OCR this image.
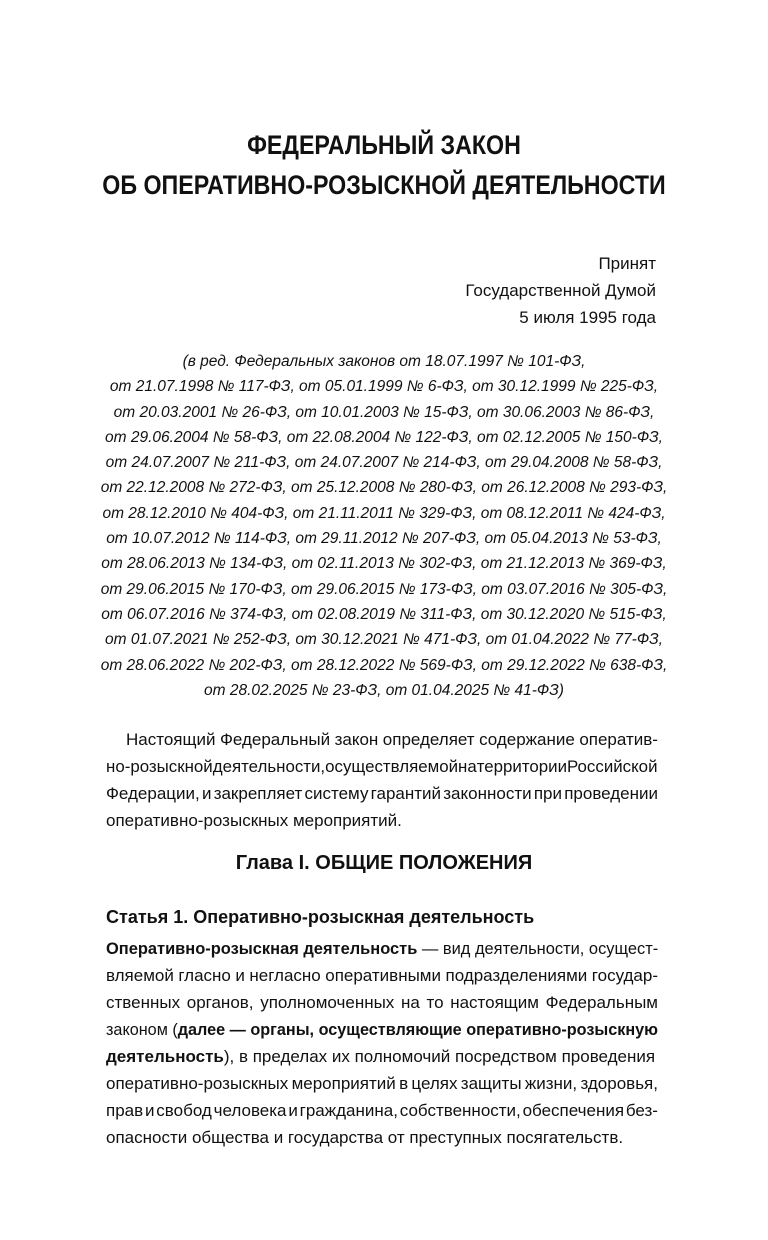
ФЕДЕРАЛЬНЫЙ ЗАКОН
ОБ ОПЕРАТИВНО-РОЗЫСКНОЙ ДЕЯТЕЛЬНОСТИ
Принят
Государственной Думой
5 июля 1995 года
(в ред. Федеральных законов от 18.07.1997 № 101-ФЗ,
от 21.07.1998 № 117-ФЗ, от 05.01.1999 № 6-ФЗ, от 30.12.1999 № 225-ФЗ,
от 20.03.2001 № 26-ФЗ, от 10.01.2003 № 15-ФЗ, от 30.06.2003 № 86-ФЗ,
от 29.06.2004 № 58-ФЗ, от 22.08.2004 № 122-ФЗ, от 02.12.2005 № 150-ФЗ,
от 24.07.2007 № 211-ФЗ, от 24.07.2007 № 214-ФЗ, от 29.04.2008 № 58-ФЗ,
от 22.12.2008 № 272-ФЗ, от 25.12.2008 № 280-ФЗ, от 26.12.2008 № 293-ФЗ,
от 28.12.2010 № 404-ФЗ, от 21.11.2011 № 329-ФЗ, от 08.12.2011 № 424-ФЗ,
от 10.07.2012 № 114-ФЗ, от 29.11.2012 № 207-ФЗ, от 05.04.2013 № 53-ФЗ,
от 28.06.2013 № 134-ФЗ, от 02.11.2013 № 302-ФЗ, от 21.12.2013 № 369-ФЗ,
от 29.06.2015 № 170-ФЗ, от 29.06.2015 № 173-ФЗ, от 03.07.2016 № 305-ФЗ,
от 06.07.2016 № 374-ФЗ, от 02.08.2019 № 311-ФЗ, от 30.12.2020 № 515-ФЗ,
от 01.07.2021 № 252-ФЗ, от 30.12.2021 № 471-ФЗ, от 01.04.2022 № 77-ФЗ,
от 28.06.2022 № 202-ФЗ, от 28.12.2022 № 569-ФЗ, от 29.12.2022 № 638-ФЗ,
от 28.02.2025 № 23-ФЗ, от 01.04.2025 № 41-ФЗ)
Настоящий Федеральный закон определяет содержание оператив-
но-розыскной деятельности, осуществляемой на территории Российской
Федерации, и закрепляет систему гарантий законности при проведении
оперативно-розыскных мероприятий.
Глава I. ОБЩИЕ ПОЛОЖЕНИЯ
Статья 1. Оперативно-розыскная деятельность
Оперативно-розыскная деятельность — вид деятельности, осущест-
вляемой гласно и негласно оперативными подразделениями государ-
ственных органов, уполномоченных на то настоящим Федеральным
законом ( далее — органы, осуществляющие оперативно-розыскную
деятельность ), в пределах их полномочий посредством проведения
оперативно-розыскных мероприятий в целях защиты жизни, здоровья,
прав и свобод человека и гражданина, собственности, обеспечения без-
опасности общества и государства от преступных посягательств.
